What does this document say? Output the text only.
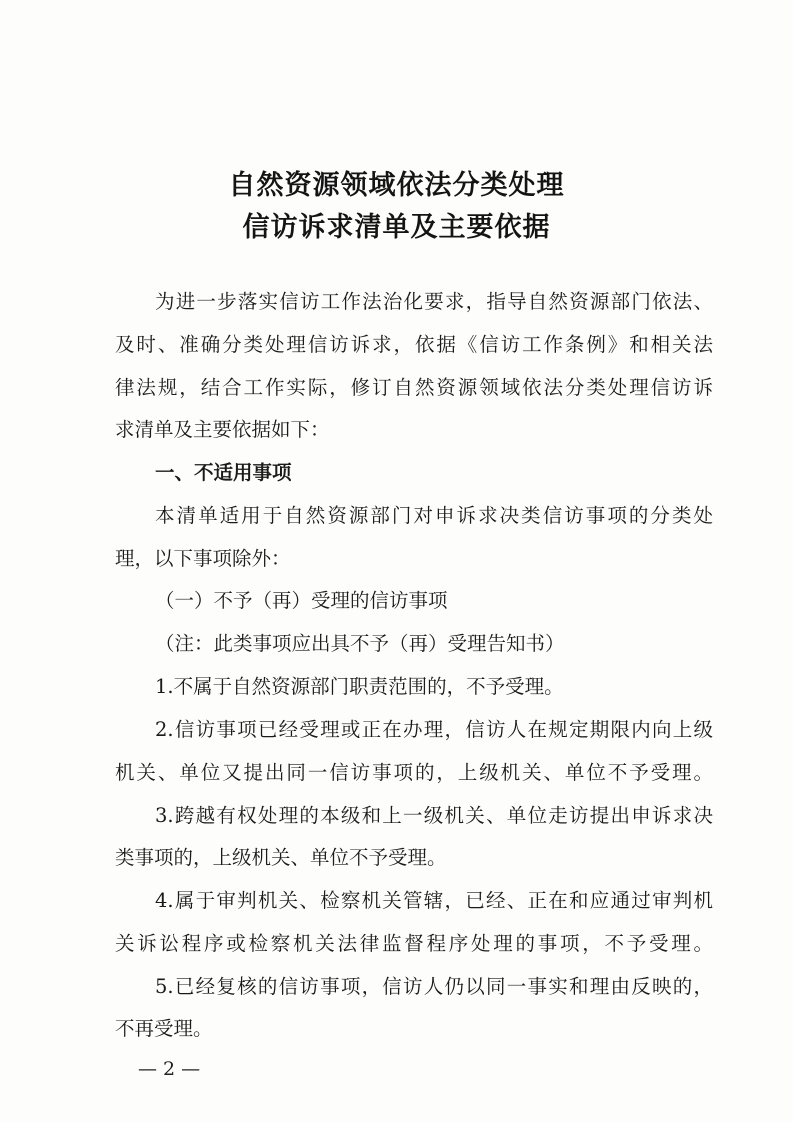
自然资源领域依法分类处理
信访诉求清单及主要依据
为进一步落实信访工作法治化要求，指导自然资源部门依法、
及时、准确分类处理信访诉求，依据《信访工作条例》和相关法
律法规，结合工作实际，修订自然资源领域依法分类处理信访诉
求清单及主要依据如下：
一、不适用事项
本清单适用于自然资源部门对申诉求决类信访事项的分类处
理，以下事项除外：
（一）不予（再）受理的信访事项
（注：此类事项应出具不予（再）受理告知书）
1.不属于自然资源部门职责范围的，不予受理。
2.信访事项已经受理或正在办理，信访人在规定期限内向上级
机关、单位又提出同一信访事项的，上级机关、单位不予受理。
3.跨越有权处理的本级和上一级机关、单位走访提出申诉求决
类事项的，上级机关、单位不予受理。
4.属于审判机关、检察机关管辖，已经、正在和应通过审判机
关诉讼程序或检察机关法律监督程序处理的事项，不予受理。
5.已经复核的信访事项，信访人仍以同一事实和理由反映的，
— 2 —
不再受理。
